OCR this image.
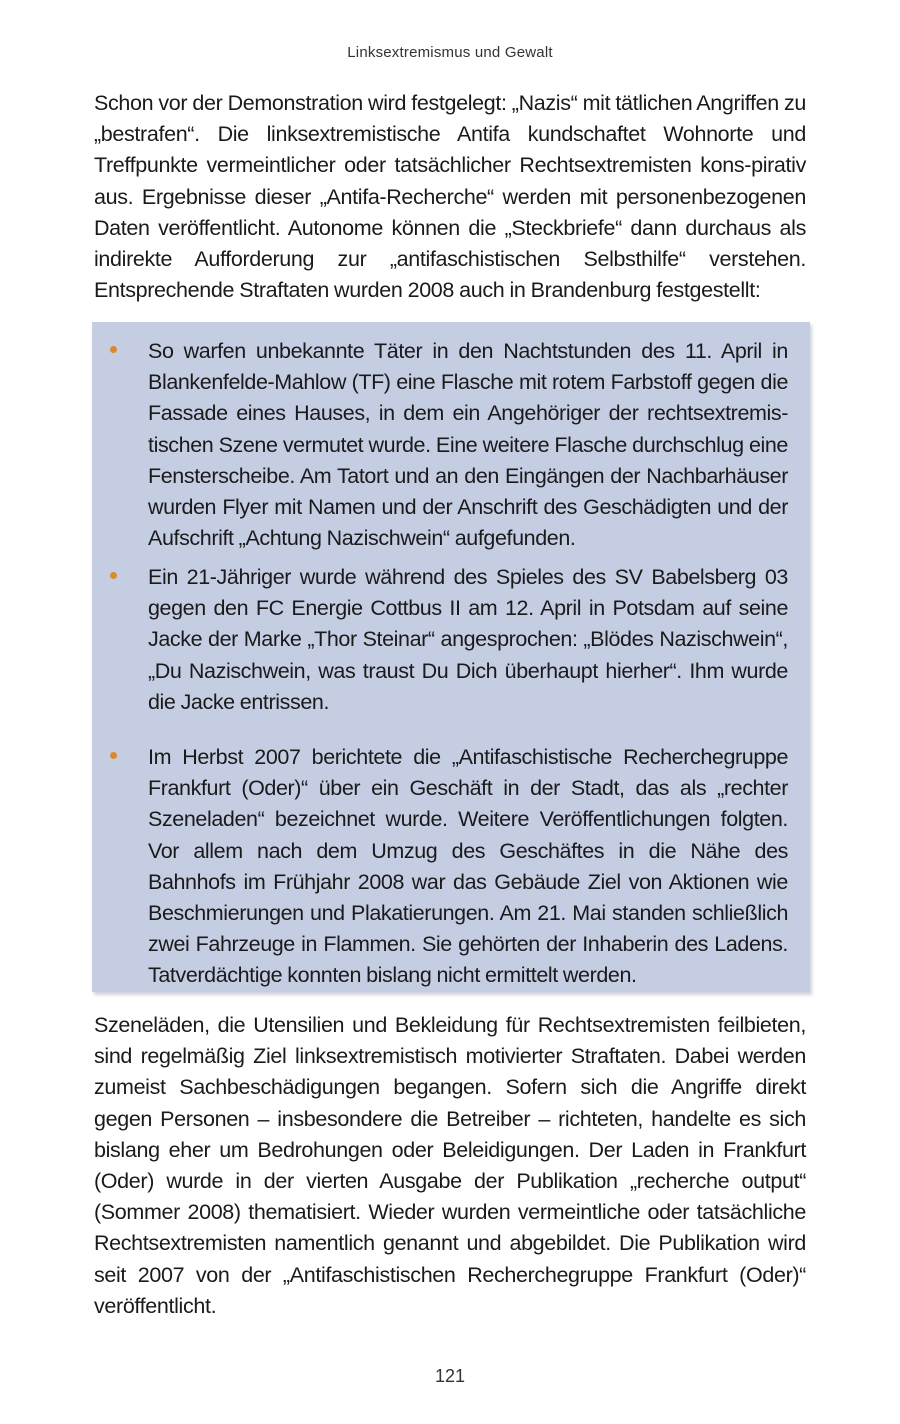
Linksextremismus und Gewalt

Schon vor der Demonstration wird festgelegt: „Nazis“ mit tätlichen Angriffen zu „bestrafen“. Die linksextremistische Antifa kundschaftet Wohnorte und Treffpunkte vermeintlicher oder tatsächlicher Rechtsextremisten kons-pirativ aus. Ergebnisse dieser „Antifa-Recherche“ werden mit personenbezogenen Daten veröffentlicht. Autonome können die „Steckbriefe“ dann durchaus als indirekte Aufforderung zur „antifaschistischen Selbsthilfe“ verstehen. Entsprechende Straftaten wurden 2008 auch in Brandenburg festgestellt:

So warfen unbekannte Täter in den Nachtstunden des 11. April in Blankenfelde-Mahlow (TF) eine Flasche mit rotem Farbstoff gegen die Fassade eines Hauses, in dem ein Angehöriger der rechtsextremis-tischen Szene vermutet wurde. Eine weitere Flasche durchschlug eine Fensterscheibe. Am Tatort und an den Eingängen der Nachbarhäuser wurden Flyer mit Namen und der Anschrift des Geschädigten und der Aufschrift „Achtung Nazischwein“ aufgefunden.

Ein 21-Jähriger wurde während des Spieles des SV Babelsberg 03 gegen den FC Energie Cottbus II am 12. April in Potsdam auf seine Jacke der Marke „Thor Steinar“ angesprochen: „Blödes Nazischwein“, „Du Nazischwein, was traust Du Dich überhaupt hierher“. Ihm wurde die Jacke entrissen.

Im Herbst 2007 berichtete die „Antifaschistische Recherchegruppe Frankfurt (Oder)“ über ein Geschäft in der Stadt, das als „rechter Szeneladen“ bezeichnet wurde. Weitere Veröffentlichungen folgten. Vor allem nach dem Umzug des Geschäftes in die Nähe des Bahnhofs im Frühjahr 2008 war das Gebäude Ziel von Aktionen wie Beschmierungen und Plakatierungen. Am 21. Mai standen schließlich zwei Fahrzeuge in Flammen. Sie gehörten der Inhaberin des Ladens. Tatverdächtige konnten bislang nicht ermittelt werden.

Szeneläden, die Utensilien und Bekleidung für Rechtsextremisten feilbieten, sind regelmäßig Ziel linksextremistisch motivierter Straftaten. Dabei werden zumeist Sachbeschädigungen begangen. Sofern sich die Angriffe direkt gegen Personen – insbesondere die Betreiber – richteten, handelte es sich bislang eher um Bedrohungen oder Beleidigungen. Der Laden in Frankfurt (Oder) wurde in der vierten Ausgabe der Publikation „recherche output“ (Sommer 2008) thematisiert. Wieder wurden vermeintliche oder tatsächliche Rechtsextremisten namentlich genannt und abgebildet. Die Publikation wird seit 2007 von der „Antifaschistischen Recherchegruppe Frankfurt (Oder)“ veröffentlicht.

121
